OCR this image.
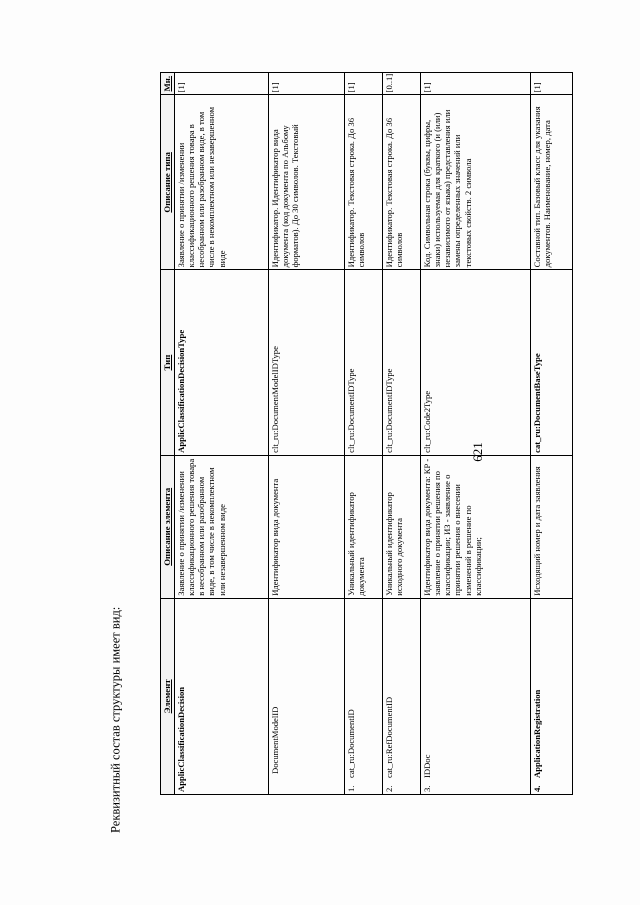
621
Реквизитный состав структуры имеет вид:	Элемент	Описание элемента	Тип	Описание типа	Мн.
ApplicClassificationDecision	Заявление о принятии /изменении классификационного решения товара в несобранном или разобранном виде, в том числе в некомплектном или незавершенном виде	ApplicClassificationDecisionType	Заявление о принятии /изменении классификационного решения товара в несобранном или разобранном виде, в том числе в некомплектном или незавершенном виде	[1]
DocumentModelID	Идентификатор вида документа	clt_ru:DocumentModelIDType	Идентификатор. Идентификатор вида документа (код документа по Альбому форматов). До 30 символов. Текстовый	[1]
1.cat_ru:DocumentID	Уникальный идентификатор документа	clt_ru:DocumentIDType	Идентификатор. Текстовая строка. До 36 символов	[1]
2.cat_ru:RefDocumentID	Уникальный идентификатор исходного документа	clt_ru:DocumentIDType	Идентификатор. Текстовая строка. До 36 символов	[0..1]
3.IDDoc	Идентификатор вида документа: КР - заявление о принятии решения по классификации; ИЗ - заявление о принятии решения о внесении изменений в решение по классификации;	clt_ru:Code2Type	Код. Символьная строка (буквы, цифры, знаки) используемая для краткого (и (или) независимого от языка) представления или замены определенных значений или текстовых свойств. 2 символа	[1]
4.ApplicationRegistration	Исходящий номер и дата заявления	cat_ru:DocumentBaseType	Составной тип. Базовый класс для указания документов. Наименование, номер, дата	[1]
